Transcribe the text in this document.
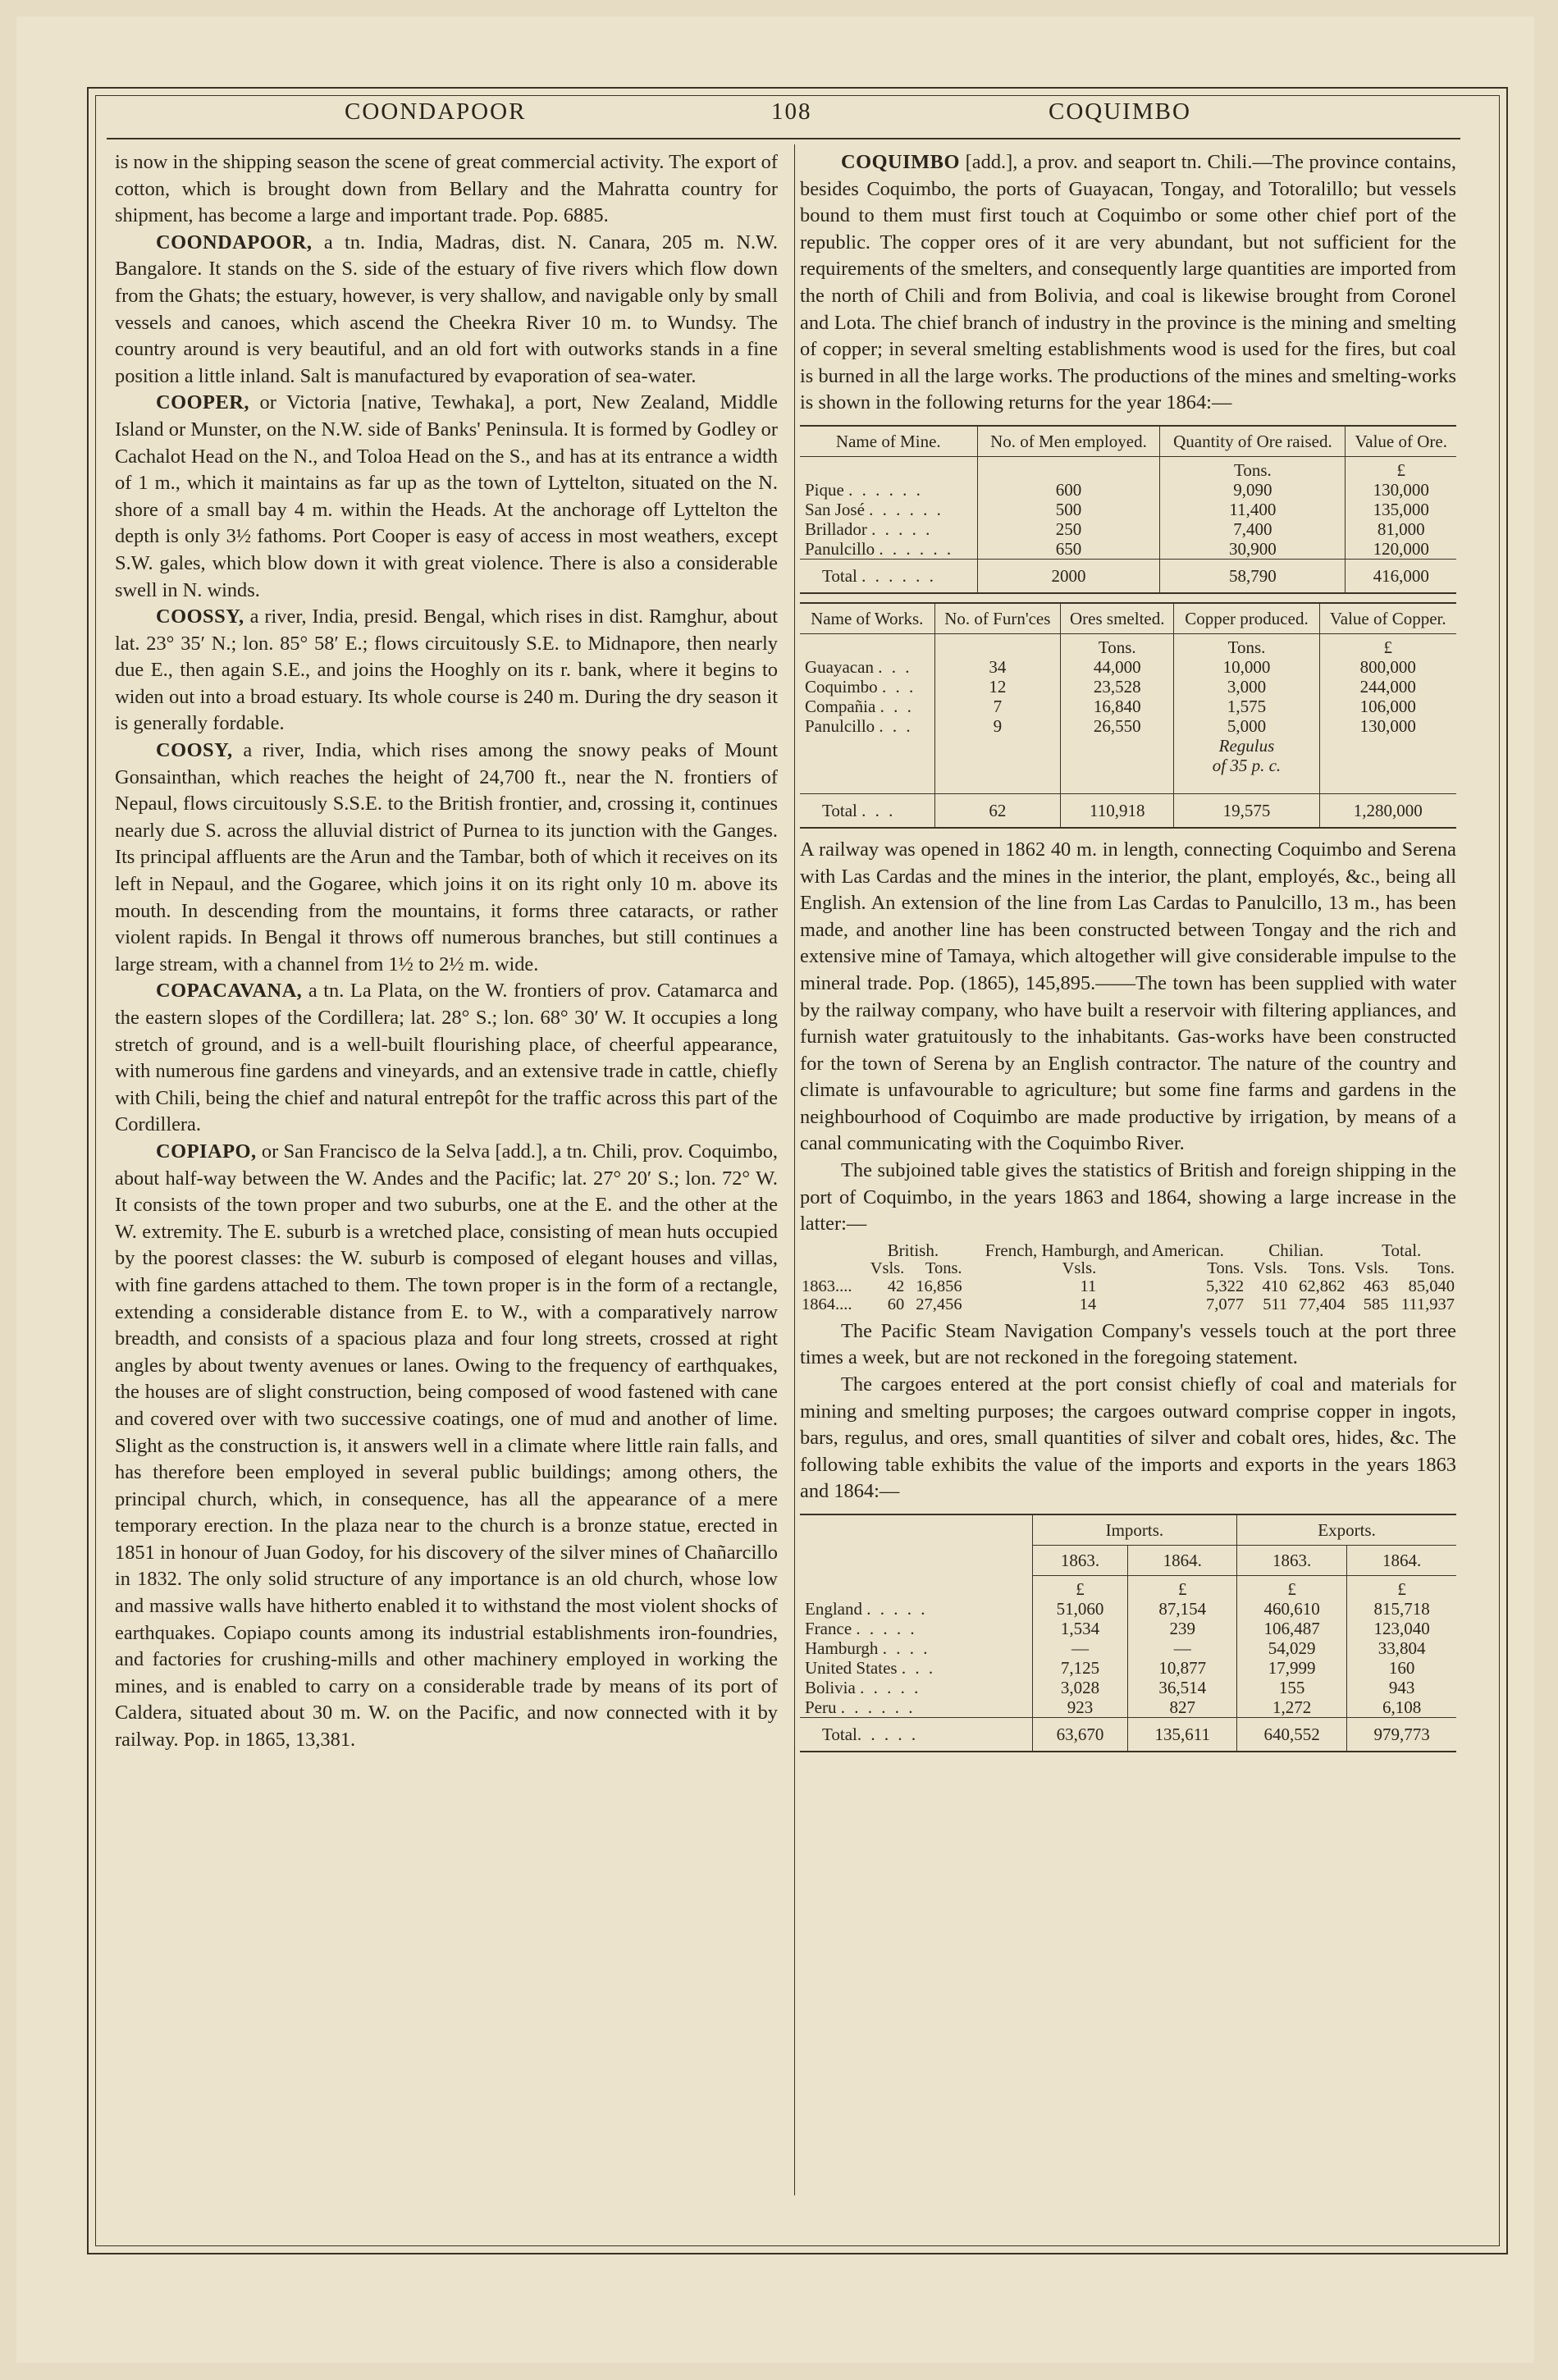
COONDAPOOR	108	COQUIMBO

is now in the shipping season the scene of great commercial activity. The export of cotton, which is brought down from Bellary and the Mahratta country for shipment, has become a large and important trade. Pop. 6885.

COONDAPOOR, a tn. India, Madras, dist. N. Canara, 205 m. N.W. Bangalore. It stands on the S. side of the estuary of five rivers which flow down from the Ghats; the estuary, however, is very shallow, and navigable only by small vessels and canoes, which ascend the Cheekra River 10 m. to Wundsy. The country around is very beautiful, and an old fort with outworks stands in a fine position a little inland. Salt is manufactured by evaporation of sea-water.

COOPER, or Victoria [native, Tewhaka], a port, New Zealand, Middle Island or Munster, on the N.W. side of Banks' Peninsula. It is formed by Godley or Cachalot Head on the N., and Toloa Head on the S., and has at its entrance a width of 1 m., which it maintains as far up as the town of Lyttelton, situated on the N. shore of a small bay 4 m. within the Heads. At the anchorage off Lyttelton the depth is only 3½ fathoms. Port Cooper is easy of access in most weathers, except S.W. gales, which blow down it with great violence. There is also a considerable swell in N. winds.

COOSSY, a river, India, presid. Bengal, which rises in dist. Ramghur, about lat. 23° 35′ N.; lon. 85° 58′ E.; flows circuitously S.E. to Midnapore, then nearly due E., then again S.E., and joins the Hooghly on its r. bank, where it begins to widen out into a broad estuary. Its whole course is 240 m. During the dry season it is generally fordable.

COOSY, a river, India, which rises among the snowy peaks of Mount Gonsainthan, which reaches the height of 24,700 ft., near the N. frontiers of Nepaul, flows circuitously S.S.E. to the British frontier, and, crossing it, continues nearly due S. across the alluvial district of Purnea to its junction with the Ganges. Its principal affluents are the Arun and the Tambar, both of which it receives on its left in Nepaul, and the Gogaree, which joins it on its right only 10 m. above its mouth. In descending from the mountains, it forms three cataracts, or rather violent rapids. In Bengal it throws off numerous branches, but still continues a large stream, with a channel from 1½ to 2½ m. wide.

COPACAVANA, a tn. La Plata, on the W. frontiers of prov. Catamarca and the eastern slopes of the Cordillera; lat. 28° S.; lon. 68° 30′ W. It occupies a long stretch of ground, and is a well-built flourishing place, of cheerful appearance, with numerous fine gardens and vineyards, and an extensive trade in cattle, chiefly with Chili, being the chief and natural entrepôt for the traffic across this part of the Cordillera.

COPIAPO, or San Francisco de la Selva [add.], a tn. Chili, prov. Coquimbo, about half-way between the W. Andes and the Pacific; lat. 27° 20′ S.; lon. 72° W. It consists of the town proper and two suburbs, one at the E. and the other at the W. extremity. The E. suburb is a wretched place, consisting of mean huts occupied by the poorest classes: the W. suburb is composed of elegant houses and villas, with fine gardens attached to them. The town proper is in the form of a rectangle, extending a considerable distance from E. to W., with a comparatively narrow breadth, and consists of a spacious plaza and four long streets, crossed at right angles by about twenty avenues or lanes. Owing to the frequency of earthquakes, the houses are of slight construction, being composed of wood fastened with cane and covered over with two successive coatings, one of mud and another of lime. Slight as the construction is, it answers well in a climate where little rain falls, and has therefore been employed in several public buildings; among others, the principal church, which, in consequence, has all the appearance of a mere temporary erection. In the plaza near to the church is a bronze statue, erected in 1851 in honour of Juan Godoy, for his discovery of the silver mines of Chañarcillo in 1832. The only solid structure of any importance is an old church, whose low and massive walls have hitherto enabled it to withstand the most violent shocks of earthquakes. Copiapo counts among its industrial establishments iron-foundries, and factories for crushing-mills and other machinery employed in working the mines, and is enabled to carry on a considerable trade by means of its port of Caldera, situated about 30 m. W. on the Pacific, and now connected with it by railway. Pop. in 1865, 13,381.

COQUIMBO [add.], a prov. and seaport tn. Chili.—The province contains, besides Coquimbo, the ports of Guayacan, Tongay, and Totoralillo; but vessels bound to them must first touch at Coquimbo or some other chief port of the republic. The copper ores of it are very abundant, but not sufficient for the requirements of the smelters, and consequently large quantities are imported from the north of Chili and from Bolivia, and coal is likewise brought from Coronel and Lota. The chief branch of industry in the province is the mining and smelting of copper; in several smelting establishments wood is used for the fires, but coal is burned in all the large works. The productions of the mines and smelting-works is shown in the following returns for the year 1864:—

Name of Mine.	No. of Men employed.	Quantity of Ore raised.	Value of Ore.
		Tons.	£
Pique . . . . . .	600	9,090	130,000
San José . . . . . .	500	11,400	135,000
Brillador . . . . .	250	7,400	81,000
Panulcillo . . . . . .	650	30,900	120,000
Total . . . . . .	2000	58,790	416,000
Name of Works.	No. of Furn'ces	Ores smelted.	Copper produced.	Value of Copper.
		Tons.	Tons.	£
Guayacan . . .	34	44,000	10,000	800,000
Coquimbo . . .	12	23,528	3,000	244,000
Compañia . . .	7	16,840	1,575	106,000
Panulcillo . . .	9	26,550	5,000	130,000
			Regulus	
			of 35 p. c.	
Total . . .	62	110,918	19,575	1,280,000

A railway was opened in 1862 40 m. in length, connecting Coquimbo and Serena with Las Cardas and the mines in the interior, the plant, employés, &c., being all English. An extension of the line from Las Cardas to Panulcillo, 13 m., has been made, and another line has been constructed between Tongay and the rich and extensive mine of Tamaya, which altogether will give considerable impulse to the mineral trade. Pop. (1865), 145,895.——The town has been supplied with water by the railway company, who have built a reservoir with filtering appliances, and furnish water gratuitously to the inhabitants. Gas-works have been constructed for the town of Serena by an English contractor. The nature of the country and climate is unfavourable to agriculture; but some fine farms and gardens in the neighbourhood of Coquimbo are made productive by irrigation, by means of a canal communicating with the Coquimbo River.

The subjoined table gives the statistics of British and foreign shipping in the port of Coquimbo, in the years 1863 and 1864, showing a large increase in the latter:—

	British.		French, Hamburgh, and American.		Chilian.		Total.	
	Vsls.	Tons.	Vsls.	Tons.	Vsls.	Tons.	Vsls.	Tons.
1863....	42	16,856	11	5,322	410	62,862	463	85,040
1864....	60	27,456	14	7,077	511	77,404	585	111,937

The Pacific Steam Navigation Company's vessels touch at the port three times a week, but are not reckoned in the foregoing statement.

The cargoes entered at the port consist chiefly of coal and materials for mining and smelting purposes; the cargoes outward comprise copper in ingots, bars, regulus, and ores, small quantities of silver and cobalt ores, hides, &c. The following table exhibits the value of the imports and exports in the years 1863 and 1864:—

	Imports.		Exports.	
	1863.	1864.	1863.	1864.
	£	£	£	£
England . . . . .	51,060	87,154	460,610	815,718
France . . . . .	1,534	239	106,487	123,040
Hamburgh . . . .	—	—	54,029	33,804
United States . . .	7,125	10,877	17,999	160
Bolivia . . . . .	3,028	36,514	155	943
Peru . . . . . .	923	827	1,272	6,108
Total. . . . .	63,670	135,611	640,552	979,773
